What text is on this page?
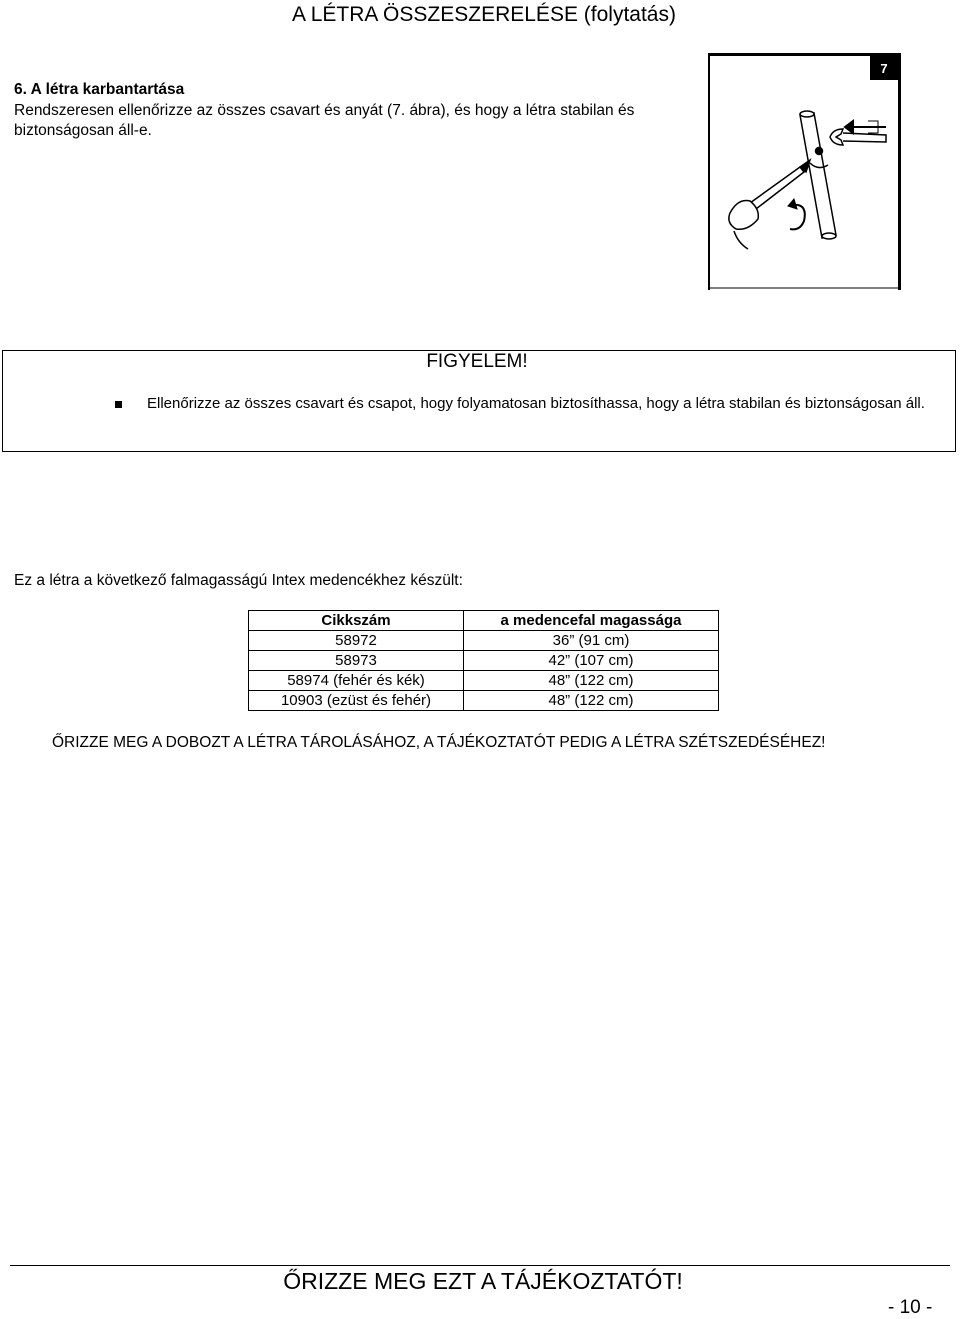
A LÉTRA ÖSSZESZERELÉSE (folytatás)
6. A létra karbantartása
Rendszeresen ellenőrizze az összes csavart és anyát (7. ábra), és hogy a létra stabilan és biztonságosan áll-e.
7
FIGYELEM!
Ellenőrizze az összes csavart és csapot, hogy folyamatosan biztosíthassa, hogy a létra stabilan és biztonságosan áll.
Ez a létra a következő falmagasságú Intex medencékhez készült:
Cikkszám	a medencefal magassága
58972	36” (91 cm)
58973	42” (107 cm)
58974 (fehér és kék)	48” (122 cm)
10903 (ezüst és fehér)	48” (122 cm)
ŐRIZZE MEG A DOBOZT A LÉTRA TÁROLÁSÁHOZ, A TÁJÉKOZTATÓT PEDIG A LÉTRA SZÉTSZEDÉSÉHEZ!
ŐRIZZE MEG EZT A TÁJÉKOZTATÓT!
- 10 -
